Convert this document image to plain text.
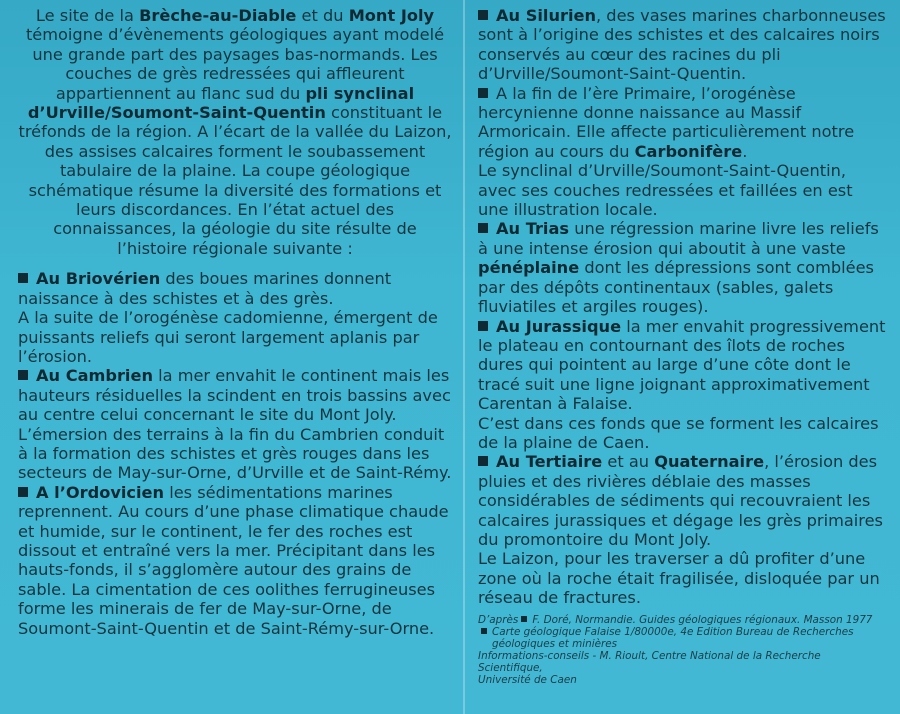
Le site de la Brèche-au-Diable et du Mont Joly témoigne d’évènements géologiques ayant modelé une grande part des paysages bas-normands. Les couches de grès redressées qui affleurent appartiennent au flanc sud du pli synclinal d’Urville/Soumont-Saint-Quentin constituant le tréfonds de la région. A l’écart de la vallée du Laizon, des assises calcaires forment le soubassement tabulaire de la plaine. La coupe géologique schématique résume la diversité des formations et leurs discordances. En l’état actuel des connaissances, la géologie du site résulte de l’histoire régionale suivante :

Au Briovérien des boues marines donnent naissance à des schistes et à des grès.

A la suite de l’orogénèse cadomienne, émergent de puissants reliefs qui seront largement aplanis par l’érosion.

Au Cambrien la mer envahit le continent mais les hauteurs résiduelles la scindent en trois bassins avec au centre celui concernant le site du Mont Joly. L’émersion des terrains à la fin du Cambrien conduit à la formation des schistes et grès rouges dans les secteurs de May-sur-Orne, d’Urville et de Saint-Rémy.

A l’Ordovicien les sédimentations marines reprennent. Au cours d’une phase climatique chaude et humide, sur le continent, le fer des roches est dissout et entraîné vers la mer. Précipitant dans les hauts-fonds, il s’agglomère autour des grains de sable. La cimentation de ces oolithes ferrugineuses forme les minerais de fer de May-sur-Orne, de Soumont-Saint-Quentin et de Saint-Rémy-sur-Orne.

Au Silurien, des vases marines charbonneuses sont à l’origine des schistes et des calcaires noirs conservés au cœur des racines du pli d’Urville/Soumont-Saint-Quentin.

A la fin de l’ère Primaire, l’orogénèse hercynienne donne naissance au Massif Armoricain. Elle affecte particulièrement notre région au cours du Carbonifère.

Le synclinal d’Urville/Soumont-Saint-Quentin, avec ses couches redressées et faillées en est une illustration locale.

Au Trias une régression marine livre les reliefs à une intense érosion qui aboutit à une vaste pénéplaine dont les dépressions sont comblées par des dépôts continentaux (sables, galets fluviatiles et argiles rouges).

Au Jurassique la mer envahit progressivement le plateau en contournant des îlots de roches dures qui pointent au large d’une côte dont le tracé suit une ligne joignant approximativement Carentan à Falaise.

C’est dans ces fonds que se forment les calcaires de la plaine de Caen.

Au Tertiaire et au Quaternaire, l’érosion des pluies et des rivières déblaie des masses considérables de sédiments qui recouvraient les calcaires jurassiques et dégage les grès primaires du promontoire du Mont Joly.

Le Laizon, pour les traverser a dû profiter d’une zone où la roche était fragilisée, disloquée par un réseau de fractures.

D’après F. Doré, Normandie. Guides géologiques régionaux. Masson 1977
Carte géologique Falaise 1/80000e, 4e Edition Bureau de Recherches
géologiques et minières
Informations-conseils - M. Rioult, Centre National de la Recherche Scientifique,
Université de Caen
